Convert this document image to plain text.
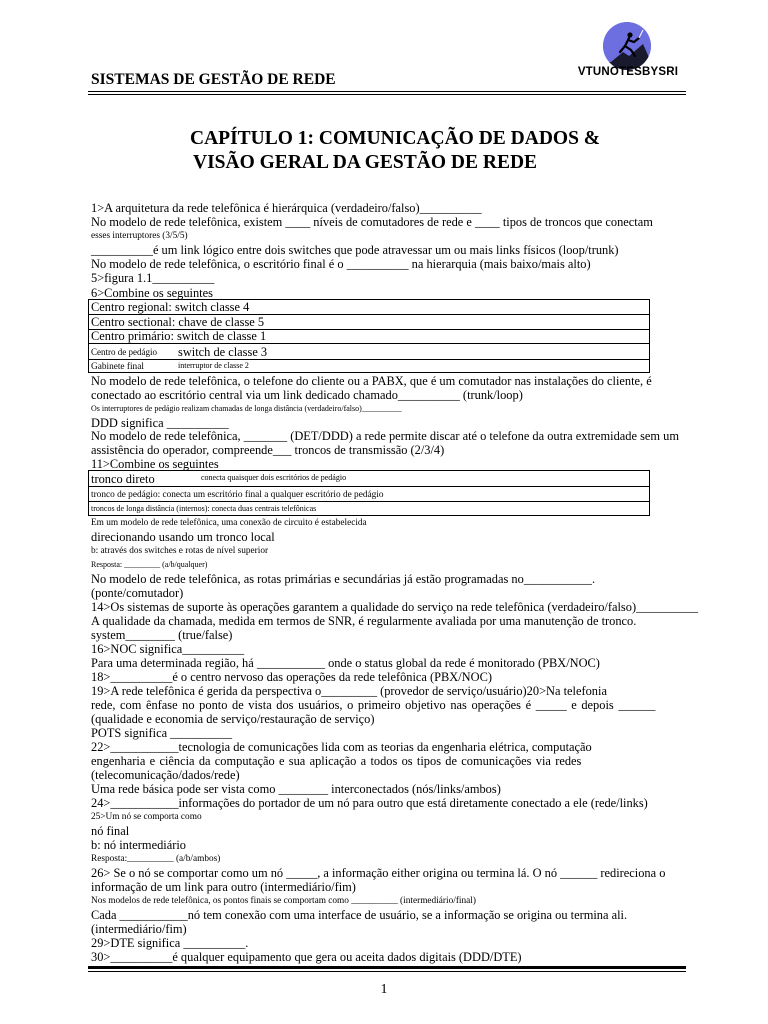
VTUNOTESBYSRI
SISTEMAS DE GESTÃO DE REDE
CAPÍTULO 1: COMUNICAÇÃO DE DADOS &
VISÃO GERAL DA GESTÃO DE REDE
1>A arquitetura da rede telefônica é hierárquica (verdadeiro/falso)__________
No modelo de rede telefônica, existem ____ níveis de comutadores de rede e ____ tipos de troncos que conectam
esses interruptores (3/5/5)
__________é um link lógico entre dois switches que pode atravessar um ou mais links físicos (loop/trunk)
No modelo de rede telefônica, o escritório final é o __________ na hierarquia (mais baixo/mais alto)
5>figura 1.1__________
6>Combine os seguintes
Centro regional: switch classe 4
Centro sectional: chave de classe 5
Centro primário: switch de classe 1
Centro de pedágio switch de classe 3
Gabinete final	interruptor de classe 2
No modelo de rede telefônica, o telefone do cliente ou a PABX, que é um comutador nas instalações do cliente, é
conectado ao escritório central via um link dedicado chamado__________ (trunk/loop)
Os interruptores de pedágio realizam chamadas de longa distância (verdadeiro/falso)__________
DDD significa __________
No modelo de rede telefônica, _______ (DET/DDD) a rede permite discar até o telefone da outra extremidade sem um
assistência do operador, compreende___ troncos de transmissão (2/3/4)
11>Combine os seguintes
tronco direto	conecta quaisquer dois escritórios de pedágio
tronco de pedágio: conecta um escritório final a qualquer escritório de pedágio
troncos de longa distância (internos): conecta duas centrais telefônicas
Em um modelo de rede telefônica, uma conexão de circuito é estabelecida
direcionando usando um tronco local
b: através dos switches e rotas de nível superior
Resposta: _________ (a/b/qualquer)
No modelo de rede telefônica, as rotas primárias e secundárias já estão programadas no___________.
(ponte/comutador)
14>Os sistemas de suporte às operações garantem a qualidade do serviço na rede telefônica (verdadeiro/falso)__________
A qualidade da chamada, medida em termos de SNR, é regularmente avaliada por uma manutenção de tronco.
system________ (true/false)
16>NOC significa__________
Para uma determinada região, há ___________ onde o status global da rede é monitorado (PBX/NOC)
18>__________é o centro nervoso das operações da rede telefônica (PBX/NOC)
19>A rede telefônica é gerida da perspectiva o_________ (provedor de serviço/usuário)20>Na telefonia
rede, com ênfase no ponto de vista dos usuários, o primeiro objetivo nas operações é _____ e depois ______
(qualidade e economia de serviço/restauração de serviço)
POTS significa __________
22>___________tecnologia de comunicações lida com as teorias da engenharia elétrica, computação
engenharia e ciência da computação e sua aplicação a todos os tipos de comunicações via redes
(telecomunicação/dados/rede)
Uma rede básica pode ser vista como ________ interconectados (nós/links/ambos)
24>___________informações do portador de um nó para outro que está diretamente conectado a ele (rede/links)
25>Um nó se comporta como
nó final
b: nó intermediário
Resposta:__________ (a/b/ambos)
26> Se o nó se comportar como um nó _____, a informação either origina ou termina lá. O nó ______ redireciona o
informação de um link para outro (intermediário/fim)
Nos modelos de rede telefônica, os pontos finais se comportam como __________ (intermediário/final)
Cada ___________nó tem conexão com uma interface de usuário, se a informação se origina ou termina ali.
(intermediário/fim)
29>DTE significa __________.
30>__________é qualquer equipamento que gera ou aceita dados digitais (DDD/DTE)
1
